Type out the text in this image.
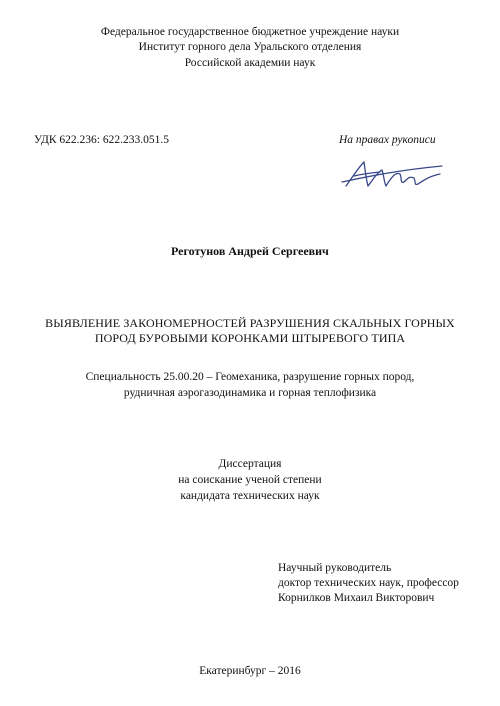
Федеральное государственное бюджетное учреждение науки
Институт горного дела Уральского отделения
Российской академии наук
УДК 622.236: 622.233.051.5	На правах рукописи
Реготунов Андрей Сергеевич
ВЫЯВЛЕНИЕ ЗАКОНОМЕРНОСТЕЙ РАЗРУШЕНИЯ СКАЛЬНЫХ ГОРНЫХ
ПОРОД БУРОВЫМИ КОРОНКАМИ ШТЫРЕВОГО ТИПА
Специальность 25.00.20 – Геомеханика, разрушение горных пород,
рудничная аэрогазодинамика и горная теплофизика
Диссертация
на соискание ученой степени
кандидата технических наук
Научный руководитель
доктор технических наук, профессор
Корнилков Михаил Викторович
Екатеринбург – 2016
